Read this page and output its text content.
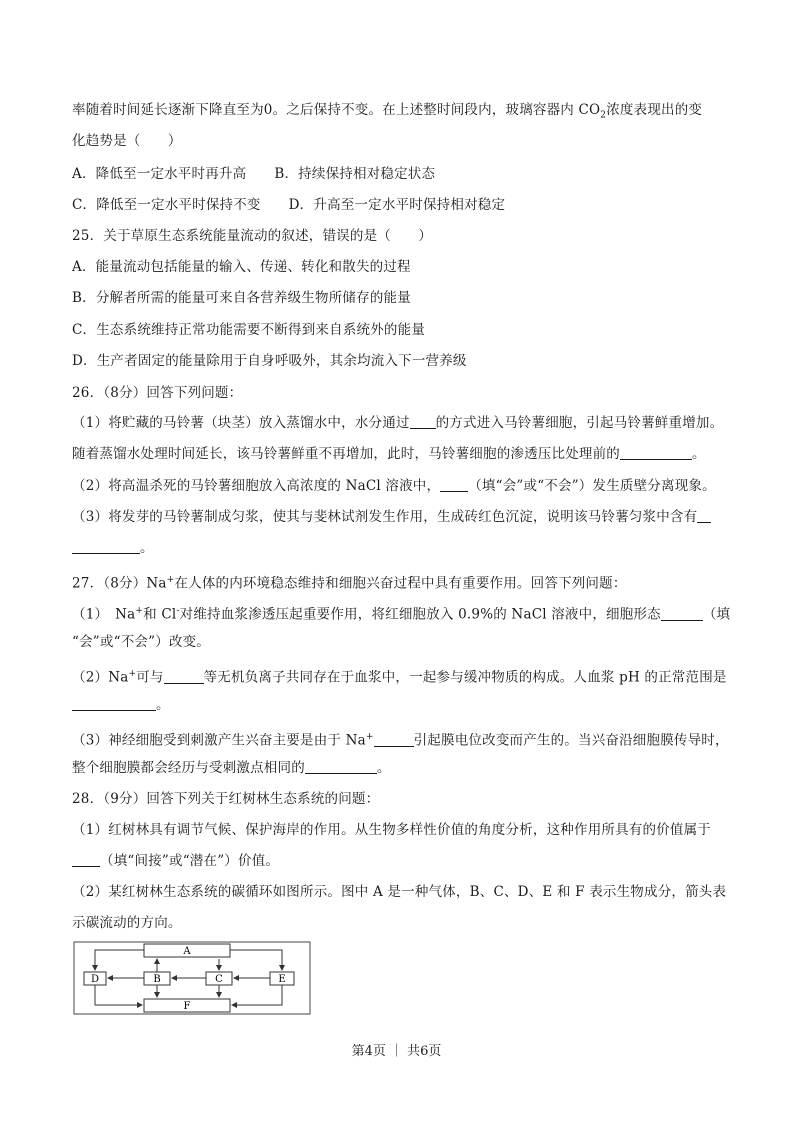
率随着时间延长逐渐下降直至为0。之后保持不变。在上述整时间段内，玻璃容器内 $CO_2$浓度表现出的变
化趋势是（　　）
A．降低至一定水平时再升高 B．持续保持相对稳定状态
C．降低至一定水平时保持不变 D．升高至一定水平时保持相对稳定
25．关于草原生态系统能量流动的叙述，错误的是（　　）
A．能量流动包括能量的输入、传递、转化和散失的过程
B．分解者所需的能量可来自各营养级生物所储存的能量
C．生态系统维持正常功能需要不断得到来自系统外的能量
D．生产者固定的能量除用于自身呼吸外，其余均流入下一营养级
26．（8分）回答下列问题：
（1）将贮藏的马铃薯（块茎）放入蒸馏水中，水分通过 的方式进入马铃薯细胞，引起马铃薯鲜重增加。
随着蒸馏水处理时间延长，该马铃薯鲜重不再增加，此时，马铃薯细胞的渗透压比处理前的	。
（2）将高温杀死的马铃薯细胞放入高浓度的 NaCl 溶液中， （填“会”或“不会”）发生质壁分离现象。
（3）将发芽的马铃薯制成匀浆，使其与斐林试剂发生作用，生成砖红色沉淀，说明该马铃薯匀浆中含有
。
27．（8分）Na+在人体的内环境稳态维持和细胞兴奋过程中具有重要作用。回答下列问题：
（1）　Na+和 Cl-对维持血浆渗透压起重要作用，将红细胞放入 0.9%的 NaCl 溶液中，细胞形态	（填
“会”或“不会”）改变。
（2）Na+可与	等无机负离子共同存在于血浆中，一起参与缓冲物质的构成。人血浆 pH 的正常范围是
。
（3）神经细胞受到刺激产生兴奋主要是由于 Na+	引起膜电位改变而产生的。当兴奋沿细胞膜传导时，
整个细胞膜都会经历与受刺激点相同的	。
28．（9分）回答下列关于红树林生态系统的问题：
（1）红树林具有调节气候、保护海岸的作用。从生物多样性价值的角度分析，这种作用所具有的价值属于
（填“间接”或“潜在”）价值。
（2）某红树林生态系统的碳循环如图所示。图中 A 是一种气体，B、C、D、E 和 F 表示生物成分，箭头表
示碳流动的方向。
A
F
D	B	C	E
第4页 ｜ 共6页
